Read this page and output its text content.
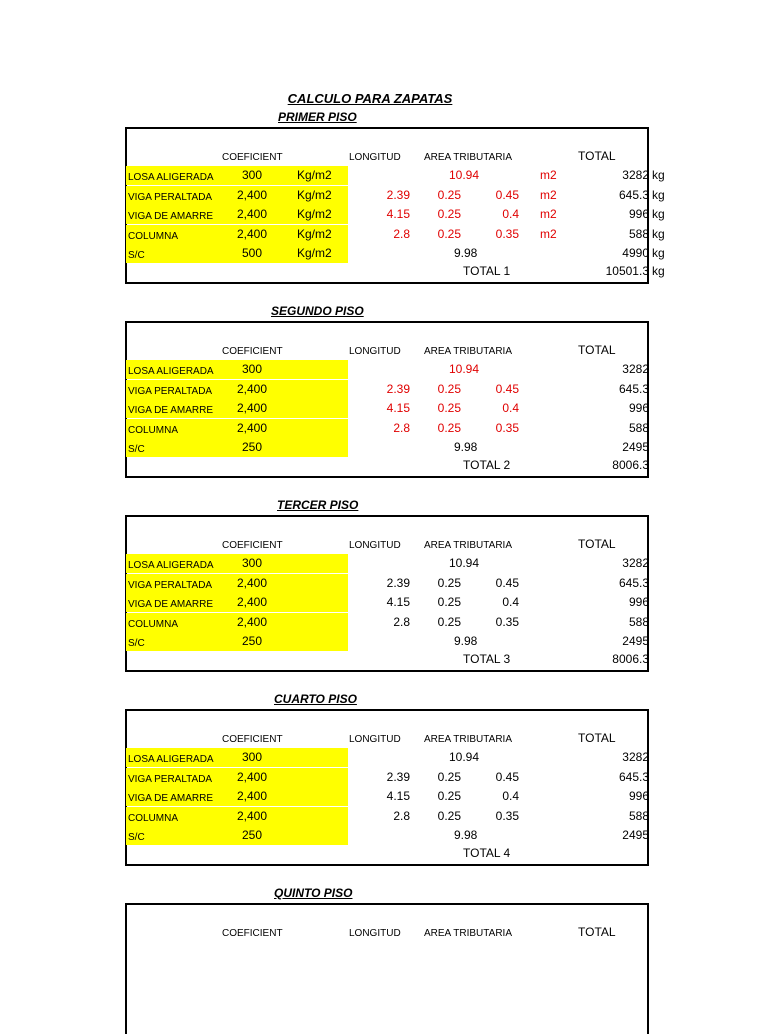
CALCULO PARA ZAPATAS
PRIMER PISO
COEFICIENT	LONGITUD AREA TRIBUTARIA	TOTAL
LOSA ALIGERADA	300	Kg/m2	10.94	m2	3282 kg
VIGA PERALTADA	2,400	Kg/m2	2.39	0.25	0.45 m2	645.3 kg
VIGA DE AMARRE	2,400	Kg/m2	4.15	0.25	0.4 m2	996 kg
COLUMNA	2,400	Kg/m2	2.8	0.25	0.35 m2	588 kg
S/C	500	Kg/m2	9.98	4990 kg
TOTAL 1	10501.3 kg
SEGUNDO PISO
COEFICIENT	LONGITUD AREA TRIBUTARIA	TOTAL
LOSA ALIGERADA	300	10.94	3282
VIGA PERALTADA	2,400	2.39	0.25	0.45	645.3
VIGA DE AMARRE	2,400	4.15	0.25	0.4	996
COLUMNA	2,400	2.8	0.25	0.35	588
S/C	250	9.98	2495
TOTAL 2	8006.3
TERCER PISO
COEFICIENT	LONGITUD AREA TRIBUTARIA	TOTAL
LOSA ALIGERADA	300	10.94	3282
VIGA PERALTADA	2,400	2.39	0.25	0.45	645.3
VIGA DE AMARRE	2,400	4.15	0.25	0.4	996
COLUMNA	2,400	2.8	0.25	0.35	588
S/C	250	9.98	2495
TOTAL 3	8006.3
CUARTO PISO
COEFICIENT	LONGITUD AREA TRIBUTARIA	TOTAL
LOSA ALIGERADA	300	10.94	3282
VIGA PERALTADA	2,400	2.39	0.25	0.45	645.3
VIGA DE AMARRE	2,400	4.15	0.25	0.4	996
COLUMNA	2,400	2.8	0.25	0.35	588
S/C	250	9.98	2495
TOTAL 4
QUINTO PISO
COEFICIENT	LONGITUD AREA TRIBUTARIA	TOTAL
